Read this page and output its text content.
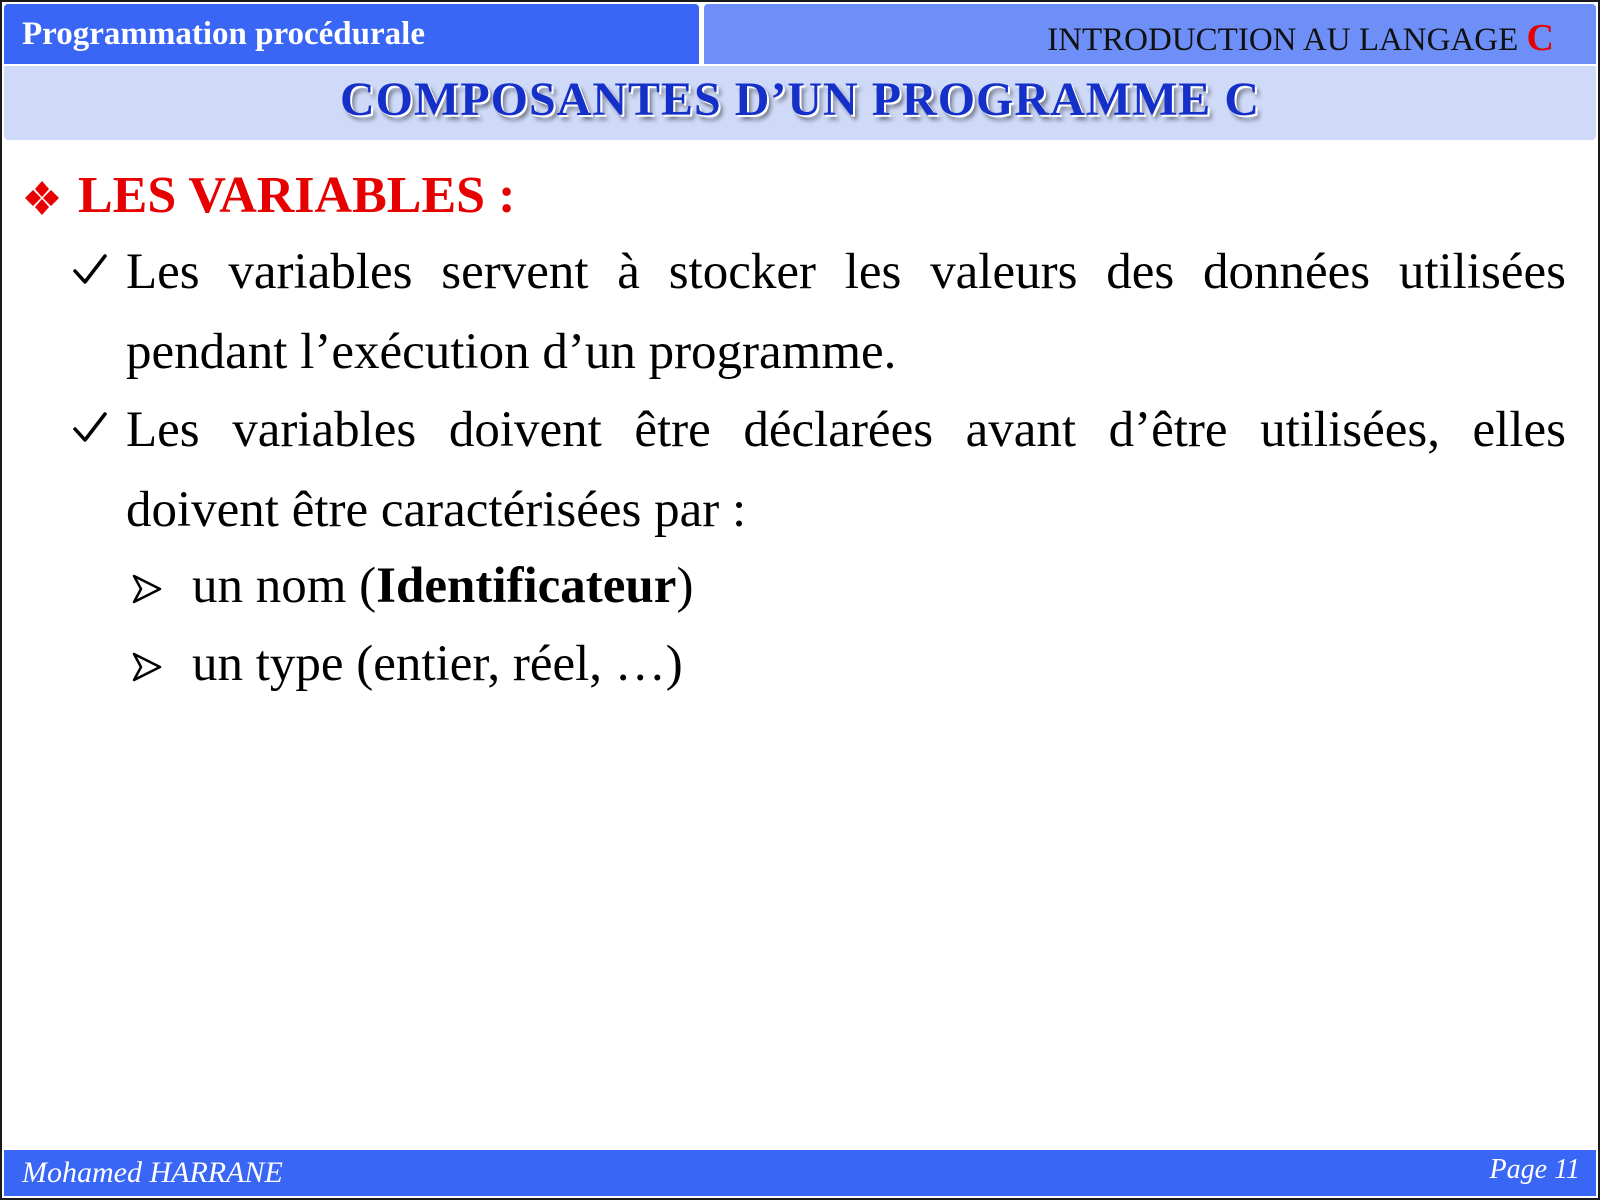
Programmation procédurale	INTRODUCTION AU LANGAGE C
COMPOSANTES D’UN PROGRAMME C
LES VARIABLES :
Les variables servent à stocker les valeurs des données utilisées pendant l’exécution d’un programme.
Les variables doivent être déclarées avant d’être utilisées, elles doivent être caractérisées par :
un nom (Identificateur)
un type (entier, réel, …)
Mohamed HARRANE	Page 11
